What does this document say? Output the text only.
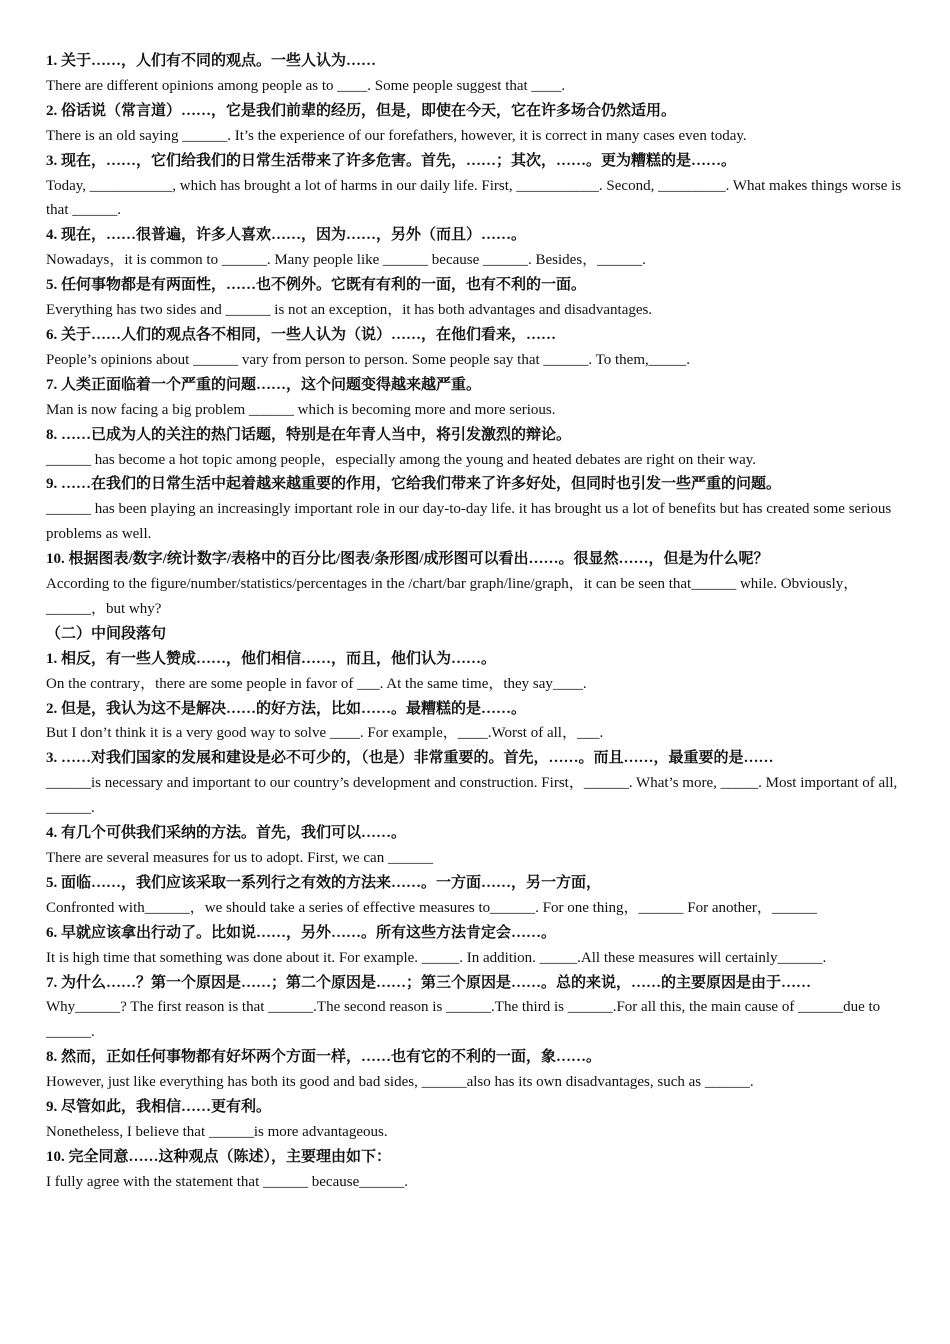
1. 关于……，人们有不同的观点。一些人认为……

There are different opinions among people as to ____. Some people suggest that ____.

2. 俗话说（常言道）……，它是我们前辈的经历，但是，即使在今天，它在许多场合仍然适用。

There is an old saying ______. It’s the experience of our forefathers, however, it is correct in many cases even today.

3. 现在，……，它们给我们的日常生活带来了许多危害。首先，……；其次，……。更为糟糕的是……。

Today, ___________, which has brought a lot of harms in our daily life. First, ___________. Second, _________. What makes things worse is that ______.

4. 现在，……很普遍，许多人喜欢……，因为……，另外（而且）……。

Nowadays，it is common to ______. Many people like ______ because ______. Besides，______.

5. 任何事物都是有两面性，……也不例外。它既有有利的一面，也有不利的一面。

Everything has two sides and ______ is not an exception，it has both advantages and disadvantages.

6. 关于……人们的观点各不相同，一些人认为（说）……，在他们看来，……

People’s opinions about ______ vary from person to person. Some people say that ______. To them,_____.

7. 人类正面临着一个严重的问题……，这个问题变得越来越严重。

Man is now facing a big problem ______ which is becoming more and more serious.

8. ……已成为人的关注的热门话题，特别是在年青人当中，将引发激烈的辩论。

______ has become a hot topic among people，especially among the young and heated debates are right on their way.

9. ……在我们的日常生活中起着越来越重要的作用，它给我们带来了许多好处，但同时也引发一些严重的问题。

______ has been playing an increasingly important role in our day-to-day life. it has brought us a lot of benefits but has created some serious problems as well.

10. 根据图表/数字/统计数字/表格中的百分比/图表/条形图/成形图可以看出……。很显然……，但是为什么呢？

According to the figure/number/statistics/percentages in the /chart/bar graph/line/graph，it can be seen that______ while. Obviously，______，but why?

（二）中间段落句

1. 相反，有一些人赞成……，他们相信……，而且，他们认为……。

On the contrary，there are some people in favor of ___. At the same time，they say____.

2. 但是，我认为这不是解决……的好方法，比如……。最糟糕的是……。

But I don’t think it is a very good way to solve ____. For example，____.Worst of all，___.

3. ……对我们国家的发展和建设是必不可少的，（也是）非常重要的。首先，……。而且……，最重要的是……

______is necessary and important to our country’s development and construction. First，______. What’s more, _____. Most important of all, ______.

4. 有几个可供我们采纳的方法。首先，我们可以……。

There are several measures for us to adopt. First, we can ______

5. 面临……，我们应该采取一系列行之有效的方法来……。一方面……，另一方面，

Confronted with______，we should take a series of effective measures to______. For one thing，______ For another，______

6. 早就应该拿出行动了。比如说……，另外……。所有这些方法肯定会……。

It is high time that something was done about it. For example. _____. In addition. _____.All these measures will certainly______.

7. 为什么……？第一个原因是……；第二个原因是……；第三个原因是……。总的来说，……的主要原因是由于……

Why______? The first reason is that ______.The second reason is ______.The third is ______.For all this, the main cause of ______due to ______.

8. 然而，正如任何事物都有好坏两个方面一样，……也有它的不利的一面，象……。

However, just like everything has both its good and bad sides, ______also has its own disadvantages, such as ______.

9. 尽管如此，我相信……更有利。

Nonetheless, I believe that ______is more advantageous.

10. 完全同意……这种观点（陈述），主要理由如下：

I fully agree with the statement that ______ because______.
